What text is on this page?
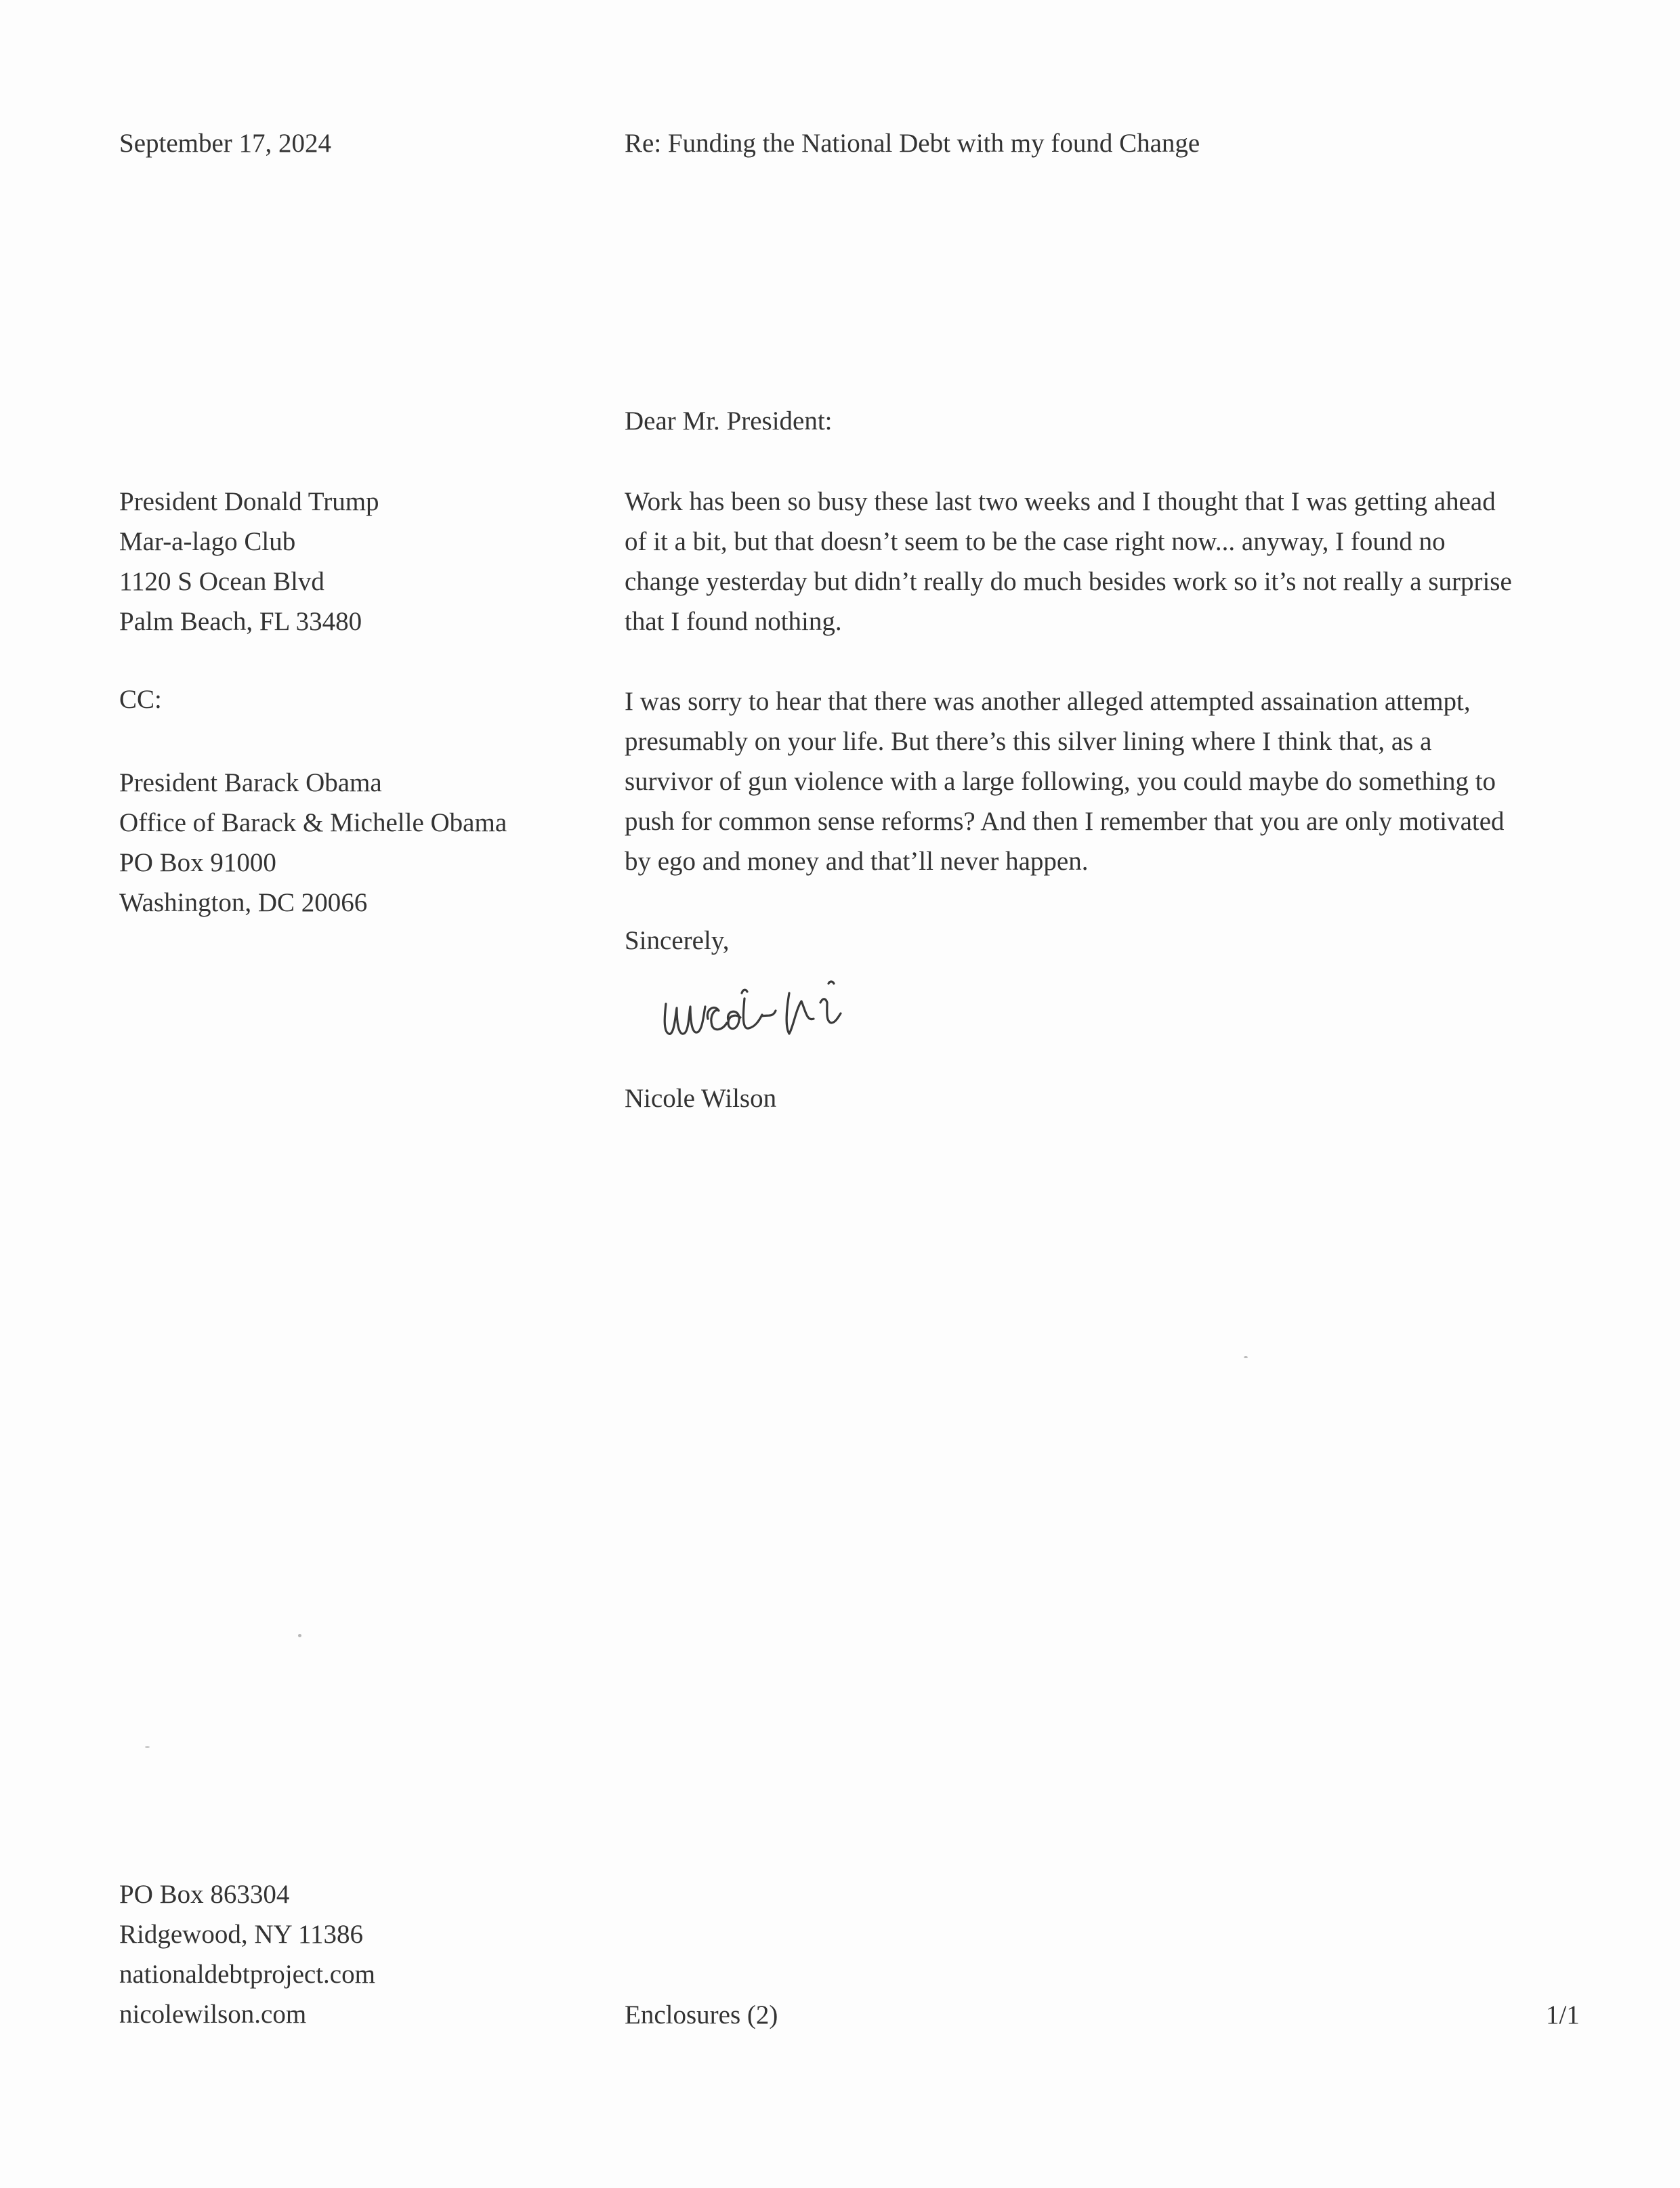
September 17, 2024	Re: Funding the National Debt with my found Change
Dear Mr. President:
President Donald Trump
Mar-a-lago Club
1120 S Ocean Blvd
Palm Beach, FL 33480
CC:
President Barack Obama
Office of Barack & Michelle Obama
PO Box 91000
Washington, DC 20066
Work has been so busy these last two weeks and I thought that I was getting ahead
of it a bit, but that doesn’t seem to be the case right now... anyway, I found no
change yesterday but didn’t really do much besides work so it’s not really a surprise
that I found nothing.
I was sorry to hear that there was another alleged attempted assaination attempt,
presumably on your life. But there’s this silver lining where I think that, as a
survivor of gun violence with a large following, you could maybe do something to
push for common sense reforms? And then I remember that you are only motivated
by ego and money and that’ll never happen.
Sincerely,
Nicole Wilson
PO Box 863304
Ridgewood, NY 11386
nationaldebtproject.com
nicolewilson.com	Enclosures (2)	1/1
